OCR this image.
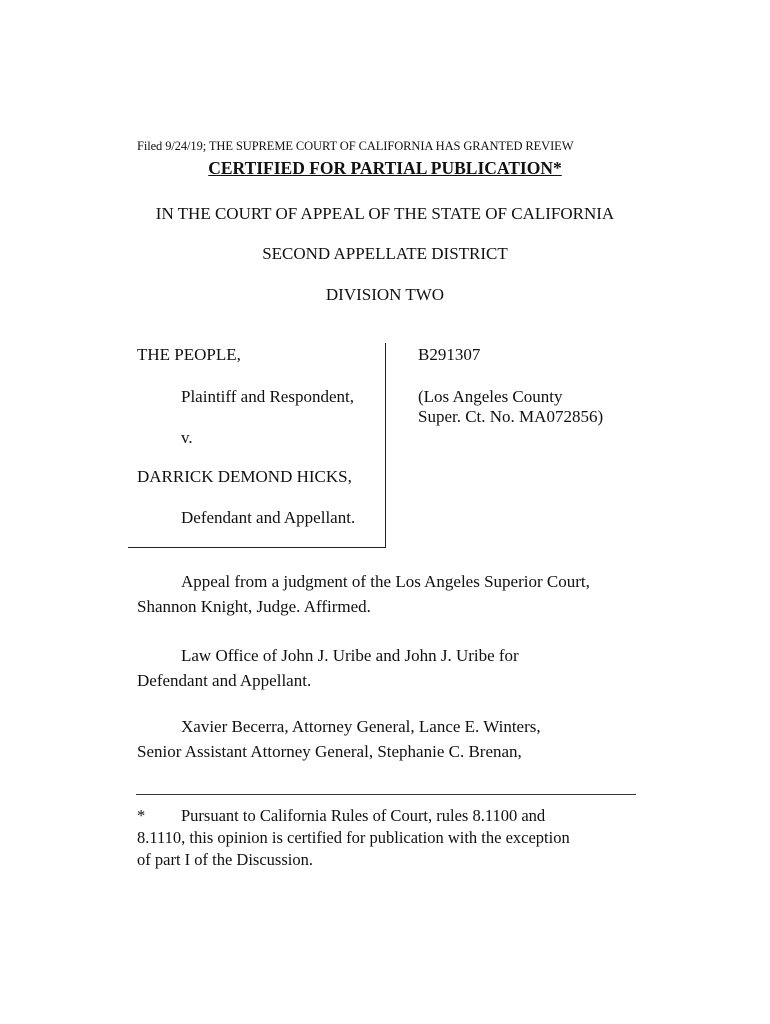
Filed 9/24/19; THE SUPREME COURT OF CALIFORNIA HAS GRANTED REVIEW
CERTIFIED FOR PARTIAL PUBLICATION*
IN THE COURT OF APPEAL OF THE STATE OF CALIFORNIA
SECOND APPELLATE DISTRICT
DIVISION TWO
THE PEOPLE,
Plaintiff and Respondent,
v.
DARRICK DEMOND HICKS,
Defendant and Appellant.
B291307
(Los Angeles County
Super. Ct. No. MA072856)
Appeal from a judgment of the Los Angeles Superior Court,
Shannon Knight, Judge. Affirmed.
Law Office of John J. Uribe and John J. Uribe for
Defendant and Appellant.
Xavier Becerra, Attorney General, Lance E. Winters,
Senior Assistant Attorney General, Stephanie C. Brenan,
* Pursuant to California Rules of Court, rules 8.1100 and
8.1110, this opinion is certified for publication with the exception
of part I of the Discussion.
